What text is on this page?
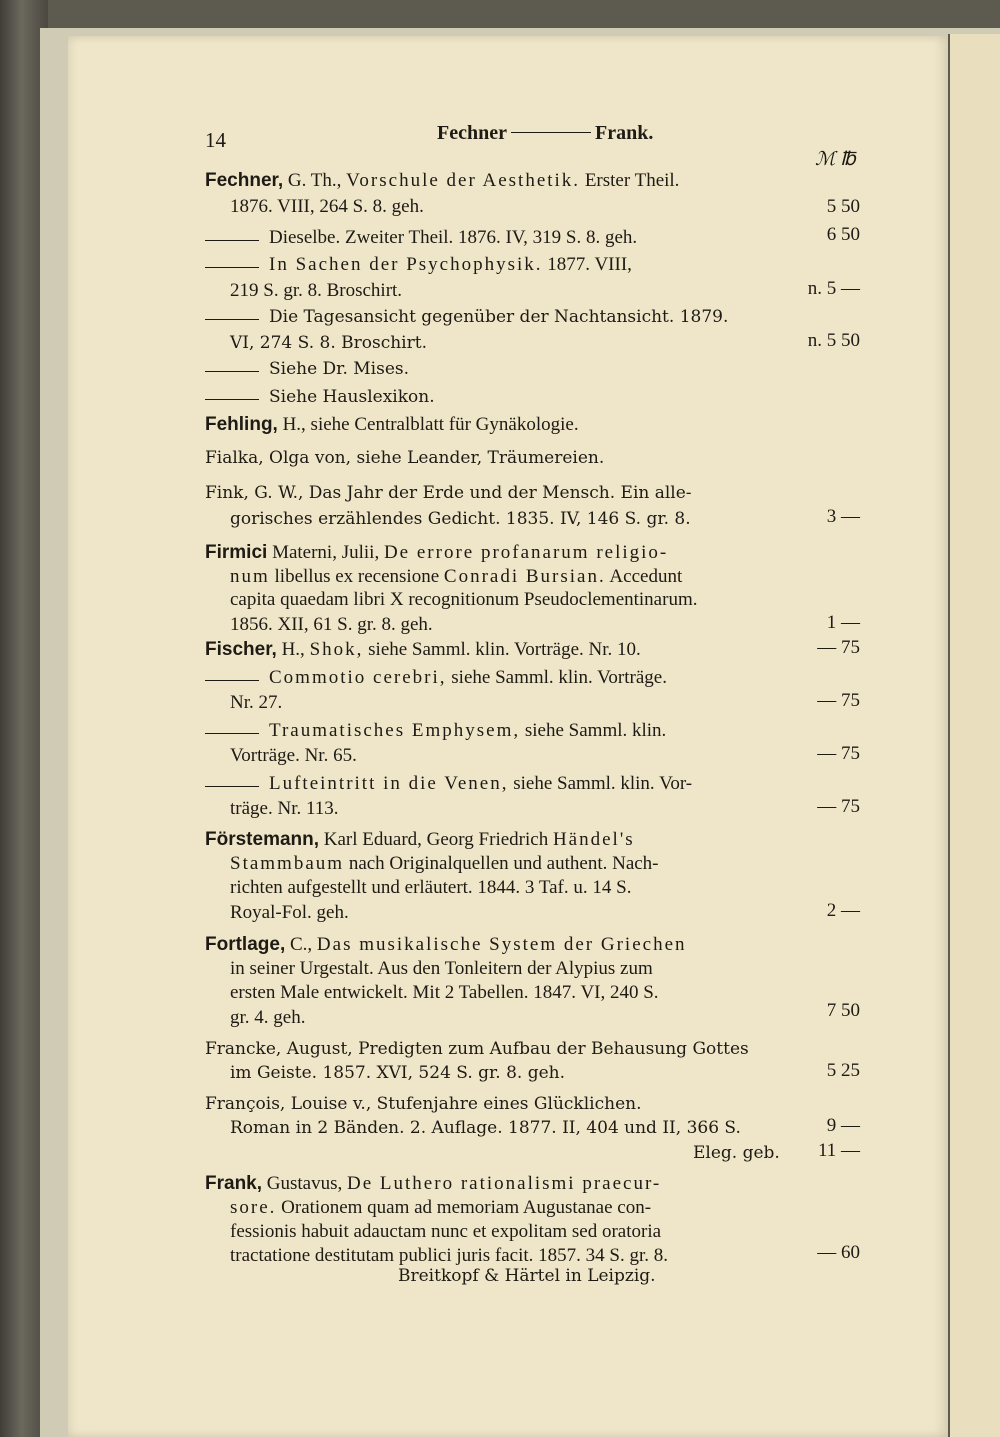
14	Fechner	Frank.
ℳ ℔
Fechner, G. Th., Vorschule der Aesthetik. Erster Theil.
1876. VIII, 264 S. 8. geh.	5 50
Dieselbe. Zweiter Theil. 1876. IV, 319 S. 8. geh.	6 50
In Sachen der Psychophysik. 1877. VIII,
219 S. gr. 8. Broschirt.	n. 5 —
Die Tagesansicht gegenüber der Nachtansicht. 1879.
VI, 274 S. 8. Broschirt.	n. 5 50
Siehe Dr. Mises.
Siehe Hauslexikon.
Fehling, H., siehe Centralblatt für Gynäkologie.
Fialka, Olga von, siehe Leander, Träumereien.
Fink, G. W., Das Jahr der Erde und der Mensch. Ein alle-
gorisches erzählendes Gedicht. 1835. IV, 146 S. gr. 8.	3 —
Firmici Materni, Julii, De errore profanarum religio-
num libellus ex recensione Conradi Bursian. Accedunt
capita quaedam libri X recognitionum Pseudoclementinarum.
1856. XII, 61 S. gr. 8. geh.	1 —
Fischer, H., Shok, siehe Samml. klin. Vorträge. Nr. 10.	— 75
Commotio cerebri, siehe Samml. klin. Vorträge.
Nr. 27.	— 75
Traumatisches Emphysem, siehe Samml. klin.
Vorträge. Nr. 65.	— 75
Lufteintritt in die Venen, siehe Samml. klin. Vor-
träge. Nr. 113.	— 75
Förstemann, Karl Eduard, Georg Friedrich Händel's
Stammbaum nach Originalquellen und authent. Nach-
richten aufgestellt und erläutert. 1844. 3 Taf. u. 14 S.
Royal-Fol. geh.	2 —
Fortlage, C., Das musikalische System der Griechen
in seiner Urgestalt. Aus den Tonleitern der Alypius zum
ersten Male entwickelt. Mit 2 Tabellen. 1847. VI, 240 S.
gr. 4. geh.	7 50
Francke, August, Predigten zum Aufbau der Behausung Gottes
im Geiste. 1857. XVI, 524 S. gr. 8. geh.	5 25
François, Louise v., Stufenjahre eines Glücklichen.
Roman in 2 Bänden. 2. Auflage. 1877. II, 404 und II, 366 S.	9 —
Eleg. geb. 11 —
Frank, Gustavus, De Luthero rationalismi praecur-
sore. Orationem quam ad memoriam Augustanae con-
fessionis habuit adauctam nunc et expolitam sed oratoria
tractatione destitutam publici juris facit. 1857. 34 S. gr. 8.	— 60
Breitkopf & Härtel in Leipzig.
